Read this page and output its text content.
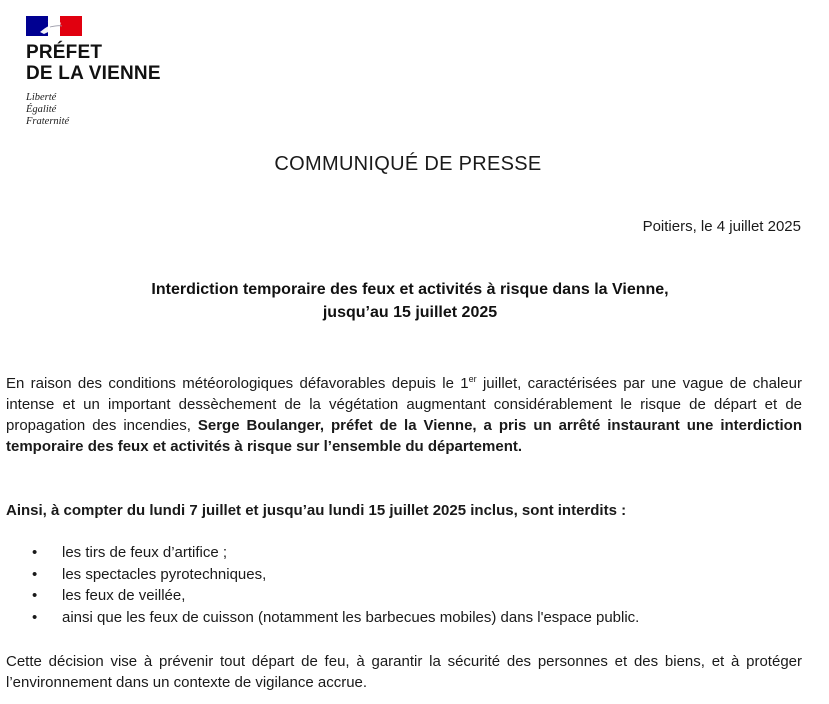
PRÉFET
DE LA VIENNE
Liberté
Égalité
Fraternité
COMMUNIQUÉ DE PRESSE
Poitiers, le 4 juillet 2025
Interdiction temporaire des feux et activités à risque dans la Vienne,
jusqu’au 15 juillet 2025
En raison des conditions météorologiques défavorables depuis le 1er juillet, caractérisées par une vague de chaleur intense et un important dessèchement de la végétation augmentant considérablement le risque de départ et de propagation des incendies, Serge Boulanger, préfet de la Vienne, a pris un arrêté instaurant une interdiction temporaire des feux et activités à risque sur l’ensemble du département.
Ainsi, à compter du lundi 7 juillet et jusqu’au lundi 15 juillet 2025 inclus, sont interdits :
• les tirs de feux d’artifice ;
• les spectacles pyrotechniques,
• les feux de veillée,
• ainsi que les feux de cuisson (notamment les barbecues mobiles) dans l'espace public.
Cette décision vise à prévenir tout départ de feu, à garantir la sécurité des personnes et des biens, et à protéger l’environnement dans un contexte de vigilance accrue.
